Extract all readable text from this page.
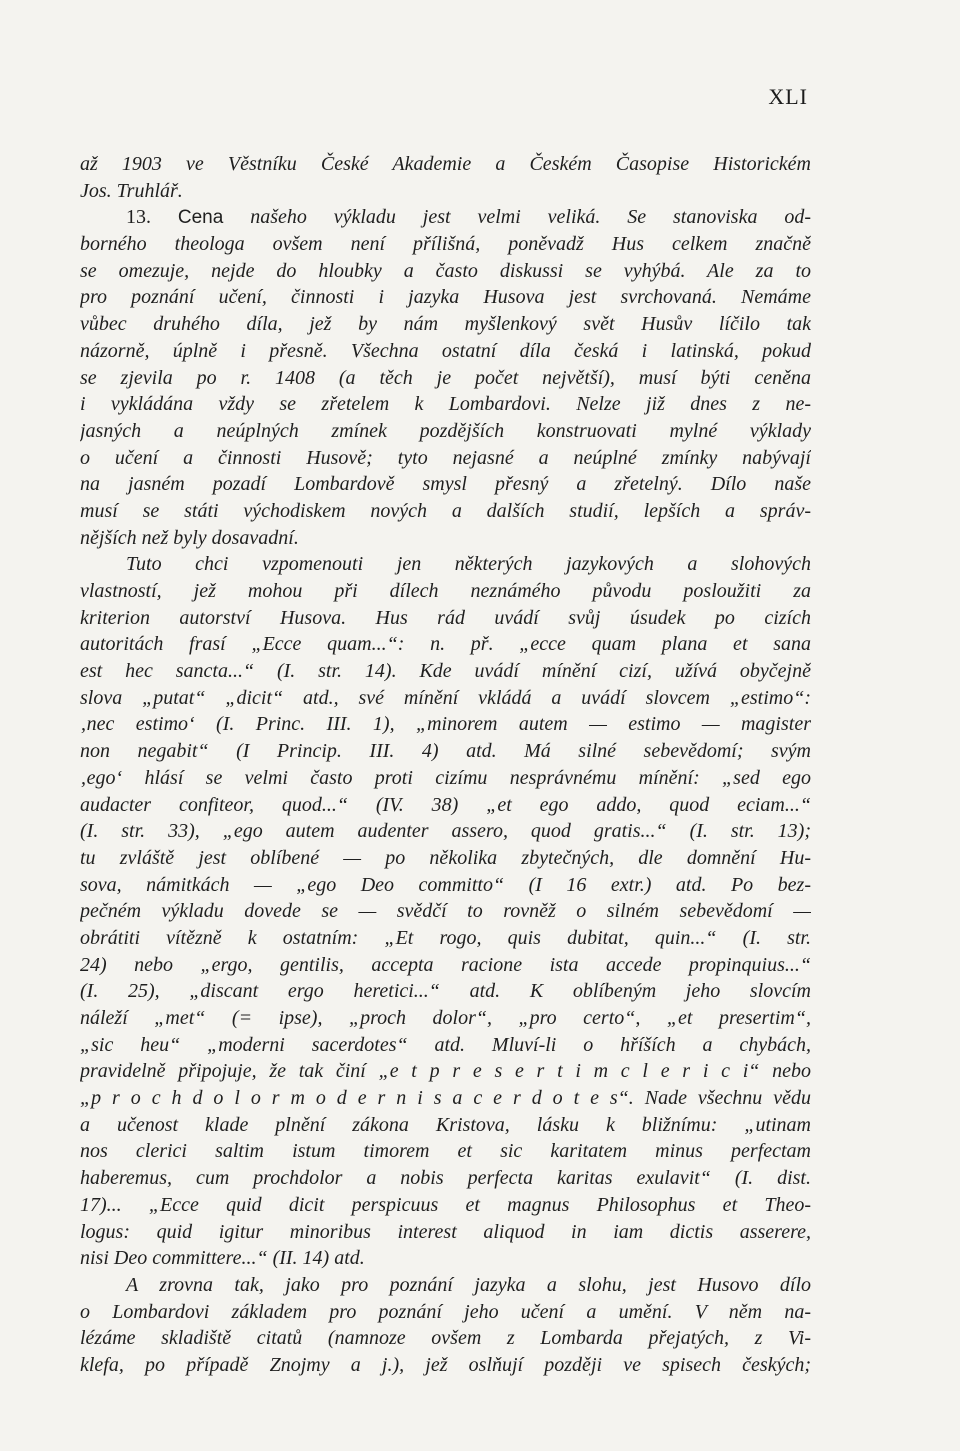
XLI
až 1903 ve Věstníku České Akademie a Českém Časopise Historickém
Jos. Truhlář.
13. Cena našeho výkladu jest velmi veliká. Se stanoviska od-
borného theologa ovšem není přílišná, poněvadž Hus celkem značně
se omezuje, nejde do hloubky a často diskussi se vyhýbá. Ale za to
pro poznání učení, činnosti i jazyka Husova jest svrchovaná. Nemáme
vůbec druhého díla, jež by nám myšlenkový svět Husův líčilo tak
názorně, úplně i přesně. Všechna ostatní díla česká i latinská, pokud
se zjevila po r. 1408 (a těch je počet největší), musí býti ceněna
i vykládána vždy se zřetelem k Lombardovi. Nelze již dnes z ne-
jasných a neúplných zmínek pozdějších konstruovati mylné výklady
o učení a činnosti Husově; tyto nejasné a neúplné zmínky nabývají
na jasném pozadí Lombardově smysl přesný a zřetelný. Dílo naše
musí se státi východiskem nových a dalších studií, lepších a správ-
nějších než byly dosavadní.
Tuto chci vzpomenouti jen některých jazykových a slohových
vlastností, jež mohou při dílech neznámého původu posloužiti za
kriterion autorství Husova. Hus rád uvádí svůj úsudek po cizích
autoritách frasí „Ecce quam...“: n. př. „ecce quam plana et sana
est hec sancta...“ (I. str. 14). Kde uvádí mínění cizí, užívá obyčejně
slova „putat“ „dicit“ atd., své mínění vkládá a uvádí slovcem „estimo“:
‚nec estimo‘ (I. Princ. III. 1), „minorem autem — estimo — magister
non negabit“ (I Princip. III. 4) atd. Má silné sebevědomí; svým
‚ego‘ hlásí se velmi často proti cizímu nesprávnému mínění: „sed ego
audacter confiteor, quod...“ (IV. 38) „et ego addo, quod eciam...“
(I. str. 33), „ego autem audenter assero, quod gratis...“ (I. str. 13);
tu zvláště jest oblíbené — po několika zbytečných, dle domnění Hu-
sova, námitkách — „ego Deo committo“ (I 16 extr.) atd. Po bez-
pečném výkladu dovede se — svědčí to rovněž o silném sebevědomí —
obrátiti vítězně k ostatním: „Et rogo, quis dubitat, quin...“ (I. str.
24) nebo „ergo, gentilis, accepta racione ista accede propinquius...“
(I. 25), „discant ergo heretici...“ atd. K oblíbeným jeho slovcím
náleží „met“ (= ipse), „proch dolor“, „pro certo“, „et presertim“,
„sic heu“ „moderni sacerdotes“ atd. Mluví-li o hříších a chybách,
pravidelně připojuje, že tak činí „e t p r e s e r t i m c l e r i c i“ nebo
„p r o c h d o l o r m o d e r n i s a c e r d o t e s“. Nade všechnu vědu
a učenost klade plnění zákona Kristova, lásku k bližnímu: „utinam
nos clerici saltim istum timorem et sic karitatem minus perfectam
haberemus, cum prochdolor a nobis perfecta karitas exulavit“ (I. dist.
17)... „Ecce quid dicit perspicuus et magnus Philosophus et Theo-
logus: quid igitur minoribus interest aliquod in iam dictis asserere,
nisi Deo committere...“ (II. 14) atd.
A zrovna tak, jako pro poznání jazyka a slohu, jest Husovo dílo
o Lombardovi základem pro poznání jeho učení a umění. V něm na-
lézáme skladiště citatů (namnoze ovšem z Lombarda přejatých, z Vi-
klefa, po případě Znojmy a j.), jež oslňují později ve spisech českých;
